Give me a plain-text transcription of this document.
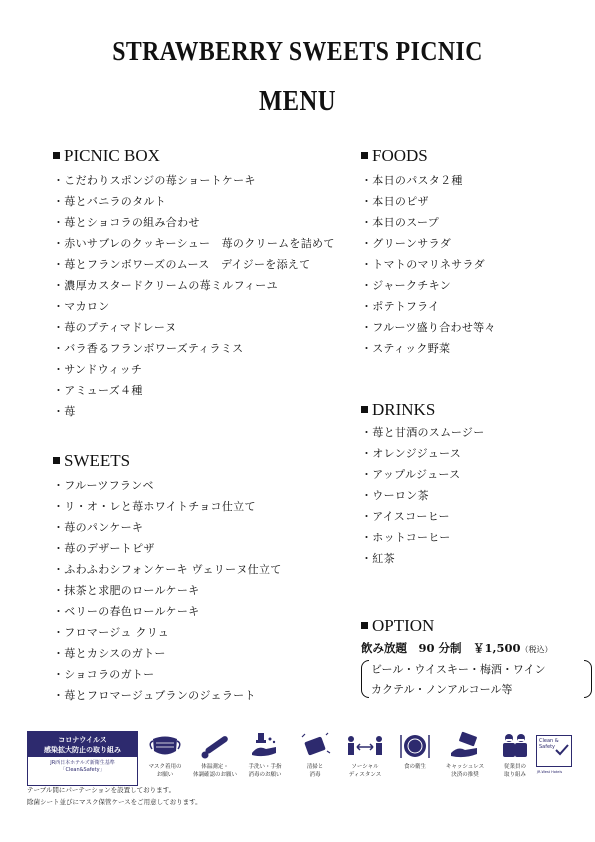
STRAWBERRY SWEETS PICNIC
MENU
PICNIC BOX
・こだわりスポンジの苺ショートケーキ
・苺とバニラのタルト
・苺とショコラの組み合わせ
・赤いサブレのクッキーシュー　苺のクリームを詰めて
・苺とフランボワーズのムース　デイジーを添えて
・濃厚カスタードクリームの苺ミルフィーユ
・マカロン
・苺のプティマドレーヌ
・バラ香るフランボワーズティラミス
・サンドウィッチ
・アミューズ４種
・苺
SWEETS
・フルーツフランベ
・リ・オ・レと苺ホワイトチョコ仕立て
・苺のパンケーキ
・苺のデザートピザ
・ふわふわシフォンケーキ ヴェリーヌ仕立て
・抹茶と求肥のロールケーキ
・ベリーの春色ロールケーキ
・フロマージュ クリュ
・苺とカシスのガトー
・ショコラのガトー
・苺とフロマージュブランのジェラート
FOODS
・本日のパスタ２種
・本日のピザ
・本日のスープ
・グリーンサラダ
・トマトのマリネサラダ
・ジャークチキン
・ポテトフライ
・フルーツ盛り合わせ等々
・スティック野菜
DRINKS
・苺と甘酒のスムージー
・オレンジジュース
・アップルジュース
・ウーロン茶
・アイスコーヒー
・ホットコーヒー
・紅茶
OPTION
飲み放題　90 分制　￥1,500（税込）
ビール・ウイスキー・梅酒・ワイン
カクテル・ノンアルコール等
コロナウイルス
感染拡大防止の取り組み
JR西日本ホテルズ新衛生基準
「Clean&Safety」	マスク着用の
お願い
体温測定・
体調確認のお願い
手洗い・手指
消毒のお願い
清掃と
消毒
ソーシャル
ディスタンス
食の衛生	キャッシュレス
決済の推奨
従業員の
取り組み
Clean &
Safety
JR-West Hotels
テーブル間にパーテーションを設置しております。
除菌シート並びにマスク保管ケースをご用意しております。
